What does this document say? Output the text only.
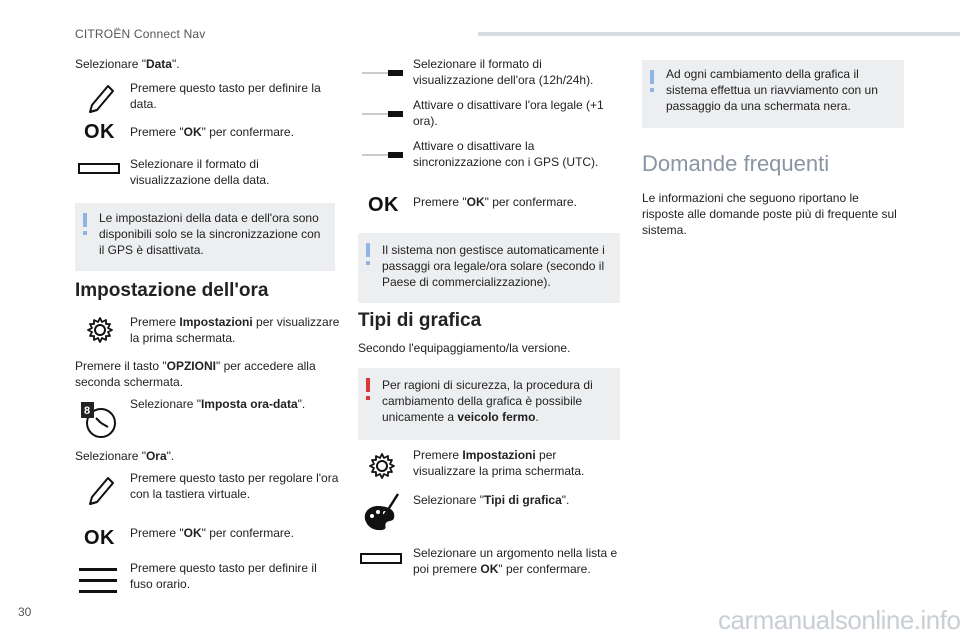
CITROËN Connect Nav
Selezionare "Data".
Premere questo tasto per definire la data.
OK Premere "OK" per confermare.
Selezionare il formato di visualizzazione della data.
Le impostazioni della data e dell'ora sono disponibili solo se la sincronizzazione con il GPS è disattivata.
Impostazione dell'ora
Premere Impostazioni per visualizzare la prima schermata.
Premere il tasto "OPZIONI" per accedere alla seconda schermata.
8	Selezionare "Imposta ora-data".
Selezionare "Ora".
Premere questo tasto per regolare l'ora con la tastiera virtuale.
OK Premere "OK" per confermare.
Premere questo tasto per definire il fuso orario.
Selezionare il formato di visualizzazione dell'ora (12h/24h).
Attivare o disattivare l'ora legale (+1 ora).
Attivare o disattivare la sincronizzazione con i GPS (UTC).
OK Premere "OK" per confermare.
Il sistema non gestisce automaticamente i passaggi ora legale/ora solare (secondo il Paese di commercializzazione).
Tipi di grafica
Secondo l'equipaggiamento/la versione.
Per ragioni di sicurezza, la procedura di cambiamento della grafica è possibile unicamente a veicolo fermo.
Premere Impostazioni per visualizzare la prima schermata.
Selezionare "Tipi di grafica".
Selezionare un argomento nella lista e poi premere OK" per confermare.
Ad ogni cambiamento della grafica il sistema effettua un riavviamento con un passaggio da una schermata nera.
Domande frequenti
Le informazioni che seguono riportano le risposte alle domande poste più di frequente sul sistema.
30	carmanualsonline.info
